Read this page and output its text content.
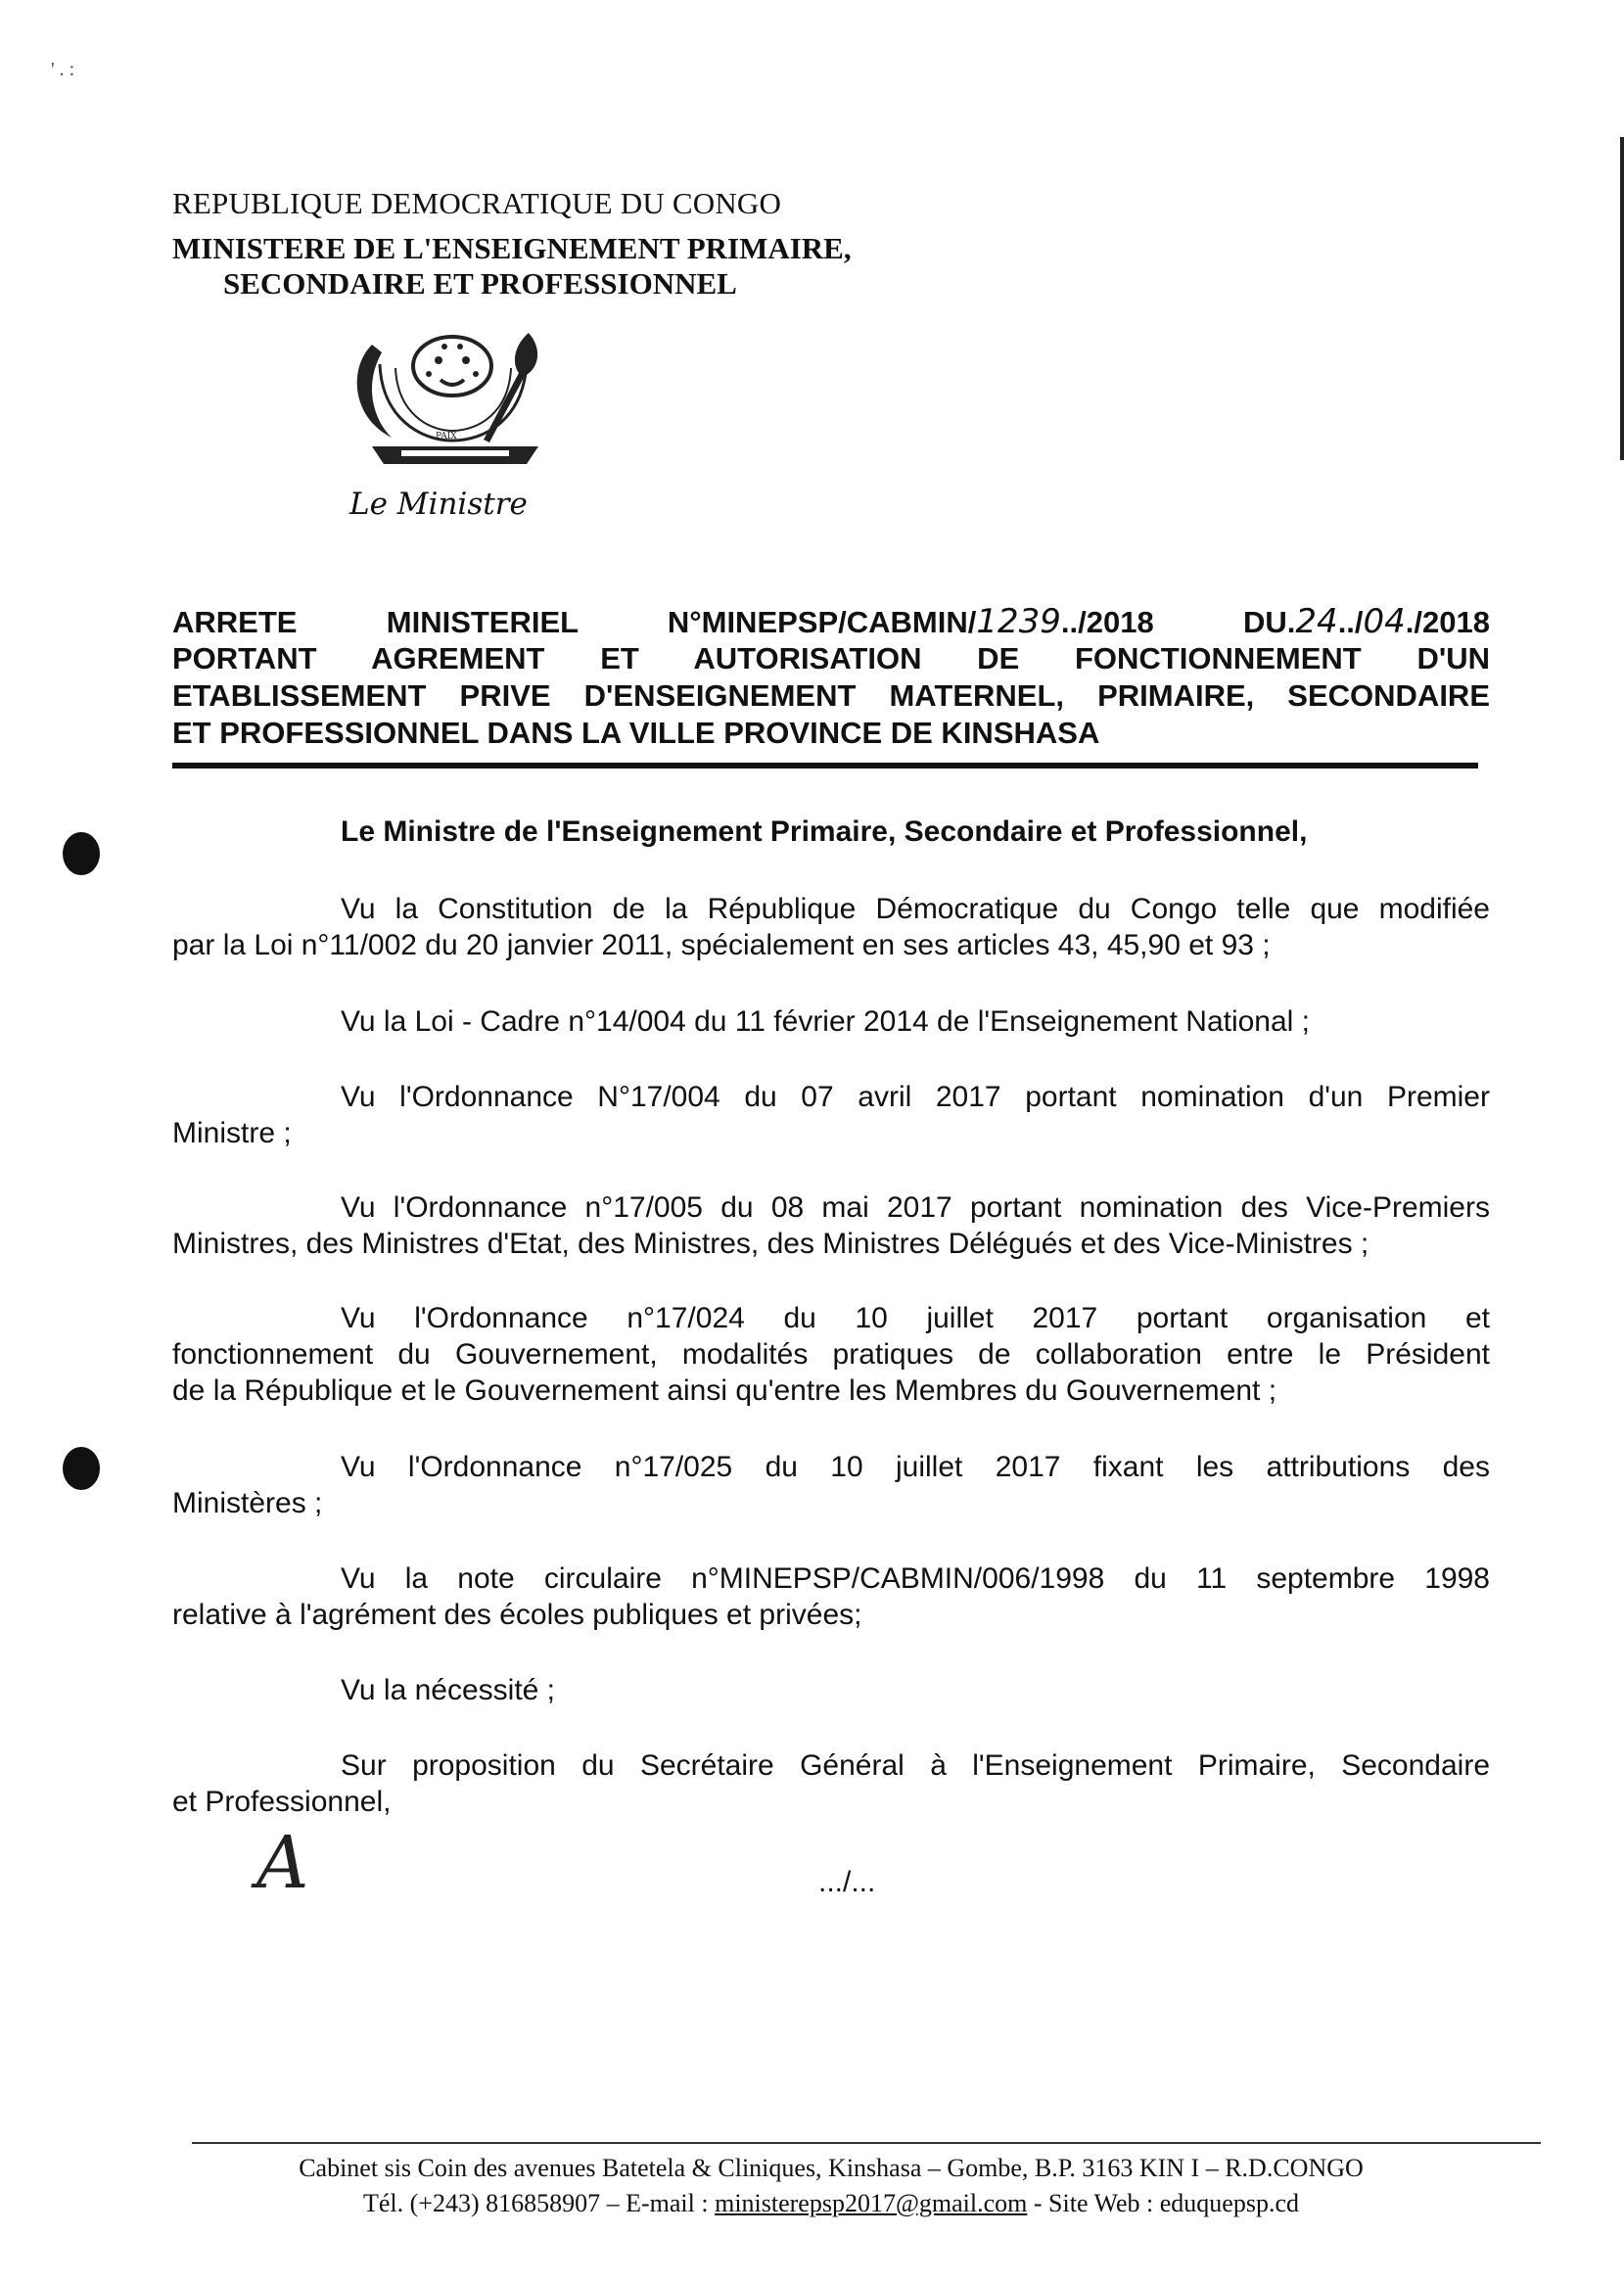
' . :
REPUBLIQUE DEMOCRATIQUE DU CONGO
MINISTERE DE L'ENSEIGNEMENT PRIMAIRE,
SECONDAIRE ET PROFESSIONNEL
PAIX
Le Ministre
ARRETE MINISTERIEL N°MINEPSP/CABMIN/1239../2018	DU.24../04./2018
PORTANT AGREMENT ET AUTORISATION DE FONCTIONNEMENT D'UN
ETABLISSEMENT PRIVE D'ENSEIGNEMENT MATERNEL, PRIMAIRE, SECONDAIRE
ET PROFESSIONNEL DANS LA VILLE PROVINCE DE KINSHASA
Le Ministre de l'Enseignement Primaire, Secondaire et Professionnel,
Vu la Constitution de la République Démocratique du Congo telle que modifiée
par la Loi n°11/002 du 20 janvier 2011, spécialement en ses articles 43, 45,90 et 93 ;
Vu la Loi - Cadre n°14/004 du 11 février 2014 de l'Enseignement National ;
Vu l'Ordonnance N°17/004 du 07 avril 2017 portant nomination d'un Premier
Ministre ;
Vu l'Ordonnance n°17/005 du 08 mai 2017 portant nomination des Vice-Premiers
Ministres, des Ministres d'Etat, des Ministres, des Ministres Délégués et des Vice-Ministres ;
Vu l'Ordonnance n°17/024 du 10 juillet 2017 portant organisation et
fonctionnement du Gouvernement, modalités pratiques de collaboration entre le Président
de la République et le Gouvernement ainsi qu'entre les Membres du Gouvernement ;
Vu l'Ordonnance n°17/025 du 10 juillet 2017 fixant les attributions des
Ministères ;
Vu la note circulaire n°MINEPSP/CABMIN/006/1998 du 11 septembre 1998
relative à l'agrément des écoles publiques et privées;
Vu la nécessité ;
Sur proposition du Secrétaire Général à l'Enseignement Primaire, Secondaire
et Professionnel,
A	.../...
Cabinet sis Coin des avenues Batetela & Cliniques, Kinshasa – Gombe, B.P. 3163 KIN I – R.D.CONGO
Tél. (+243) 816858907 – E-mail : ministerepsp2017@gmail.com - Site Web : eduquepsp.cd
